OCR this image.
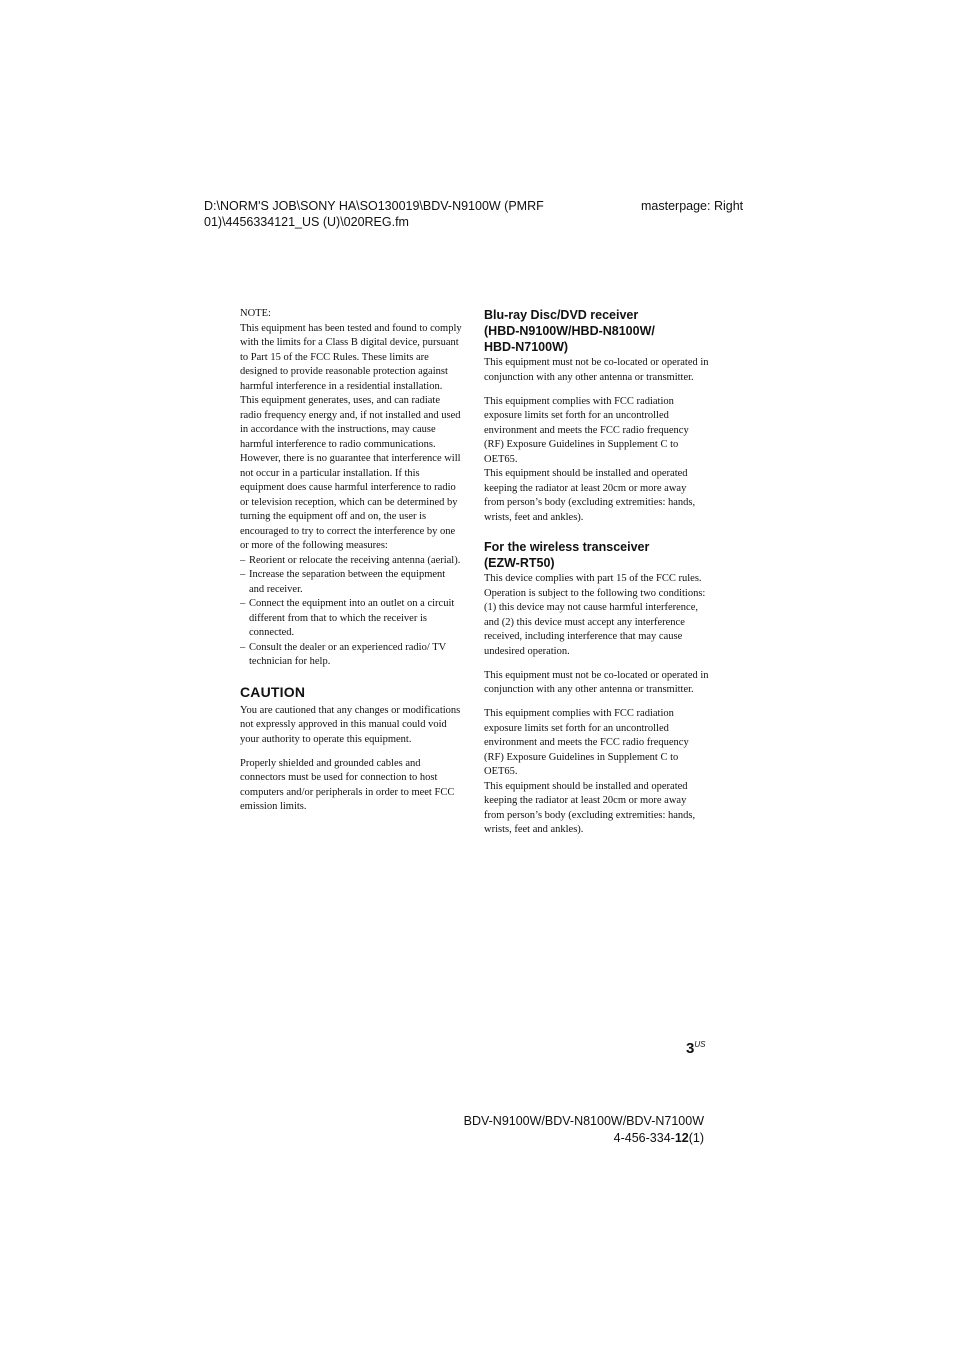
D:\NORM'S JOB\SONY HA\SO130019\BDV-N9100W (PMRF
01)\4456334121_US (U)\020REG.fm
masterpage: Right

NOTE:

This equipment has been tested and found to comply with the limits for a Class B digital device, pursuant to Part 15 of the FCC Rules. These limits are designed to provide reasonable protection against harmful interference in a residential installation. This equipment generates, uses, and can radiate radio frequency energy and, if not installed and used in accordance with the instructions, may cause harmful interference to radio communications. However, there is no guarantee that interference will not occur in a particular installation. If this equipment does cause harmful interference to radio or television reception, which can be determined by turning the equipment off and on, the user is encouraged to try to correct the interference by one or more of the following measures:

– Reorient or relocate the receiving antenna (aerial).
– Increase the separation between the equipment and receiver.
– Connect the equipment into an outlet on a circuit different from that to which the receiver is connected.
– Consult the dealer or an experienced radio/ TV technician for help.
CAUTION

You are cautioned that any changes or modifications not expressly approved in this manual could void your authority to operate this equipment.

Properly shielded and grounded cables and connectors must be used for connection to host computers and/or peripherals in order to meet FCC emission limits.

Blu-ray Disc/DVD receiver
(HBD-N9100W/HBD-N8100W/
HBD-N7100W)

This equipment must not be co-located or operated in conjunction with any other antenna or transmitter.

This equipment complies with FCC radiation exposure limits set forth for an uncontrolled environment and meets the FCC radio frequency (RF) Exposure Guidelines in Supplement C to OET65.

This equipment should be installed and operated keeping the radiator at least 20cm or more away from person’s body (excluding extremities: hands, wrists, feet and ankles).

For the wireless transceiver
(EZW-RT50)

This device complies with part 15 of the FCC rules. Operation is subject to the following two conditions: (1) this device may not cause harmful interference, and (2) this device must accept any interference received, including interference that may cause undesired operation.

This equipment must not be co-located or operated in conjunction with any other antenna or transmitter.

This equipment complies with FCC radiation exposure limits set forth for an uncontrolled environment and meets the FCC radio frequency (RF) Exposure Guidelines in Supplement C to OET65.

This equipment should be installed and operated keeping the radiator at least 20cm or more away from person’s body (excluding extremities: hands, wrists, feet and ankles).

$3^{US}$
BDV-N9100W/BDV-N8100W/BDV-N7100W
4-456-334-12(1)
